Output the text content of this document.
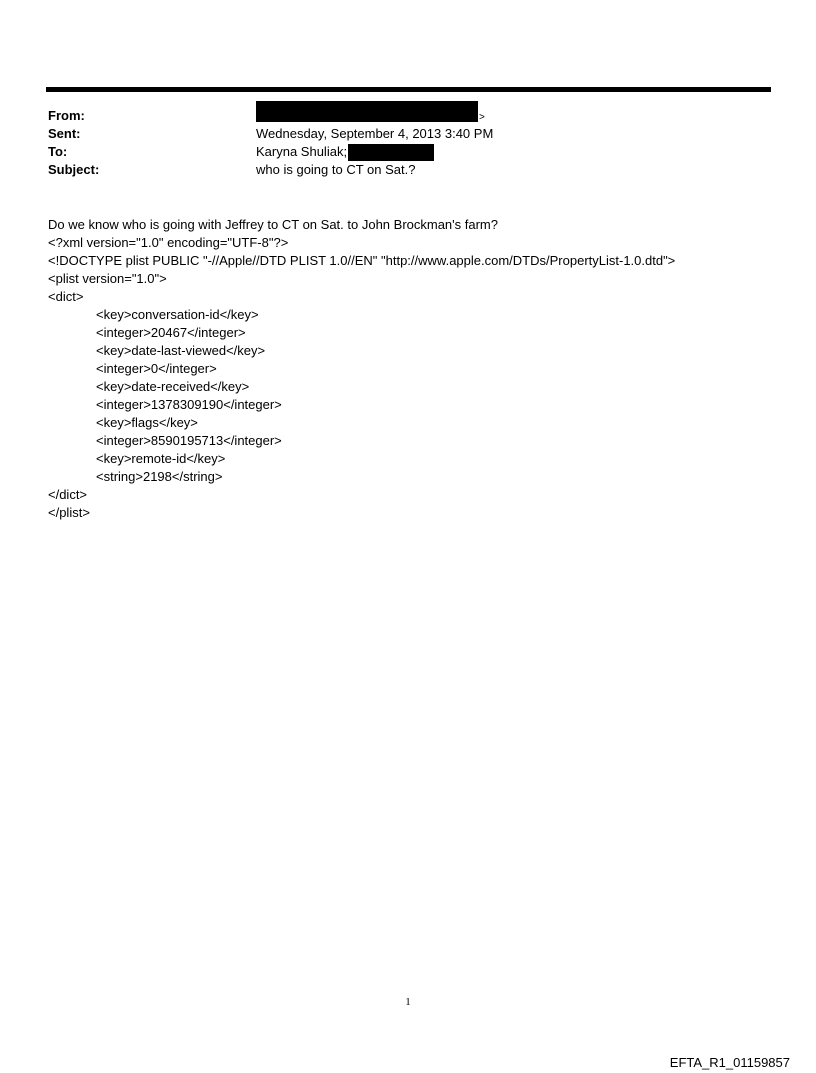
From:	>
Sent:	Wednesday, September 4, 2013 3:40 PM
To:	Karyna Shuliak;
Subject:	who is going to CT on Sat.?
Do we know who is going with Jeffrey to CT on Sat. to John Brockman's farm?
<?xml version="1.0" encoding="UTF-8"?>
<!DOCTYPE plist PUBLIC "-//Apple//DTD PLIST 1.0//EN" "http://www.apple.com/DTDs/PropertyList-1.0.dtd">
<plist version="1.0">
<dict>
<key>conversation-id</key>
<integer>20467</integer>
<key>date-last-viewed</key>
<integer>0</integer>
<key>date-received</key>
<integer>1378309190</integer>
<key>flags</key>
<integer>8590195713</integer>
<key>remote-id</key>
<string>2198</string>
</dict>
</plist>
1
EFTA_R1_01159857
